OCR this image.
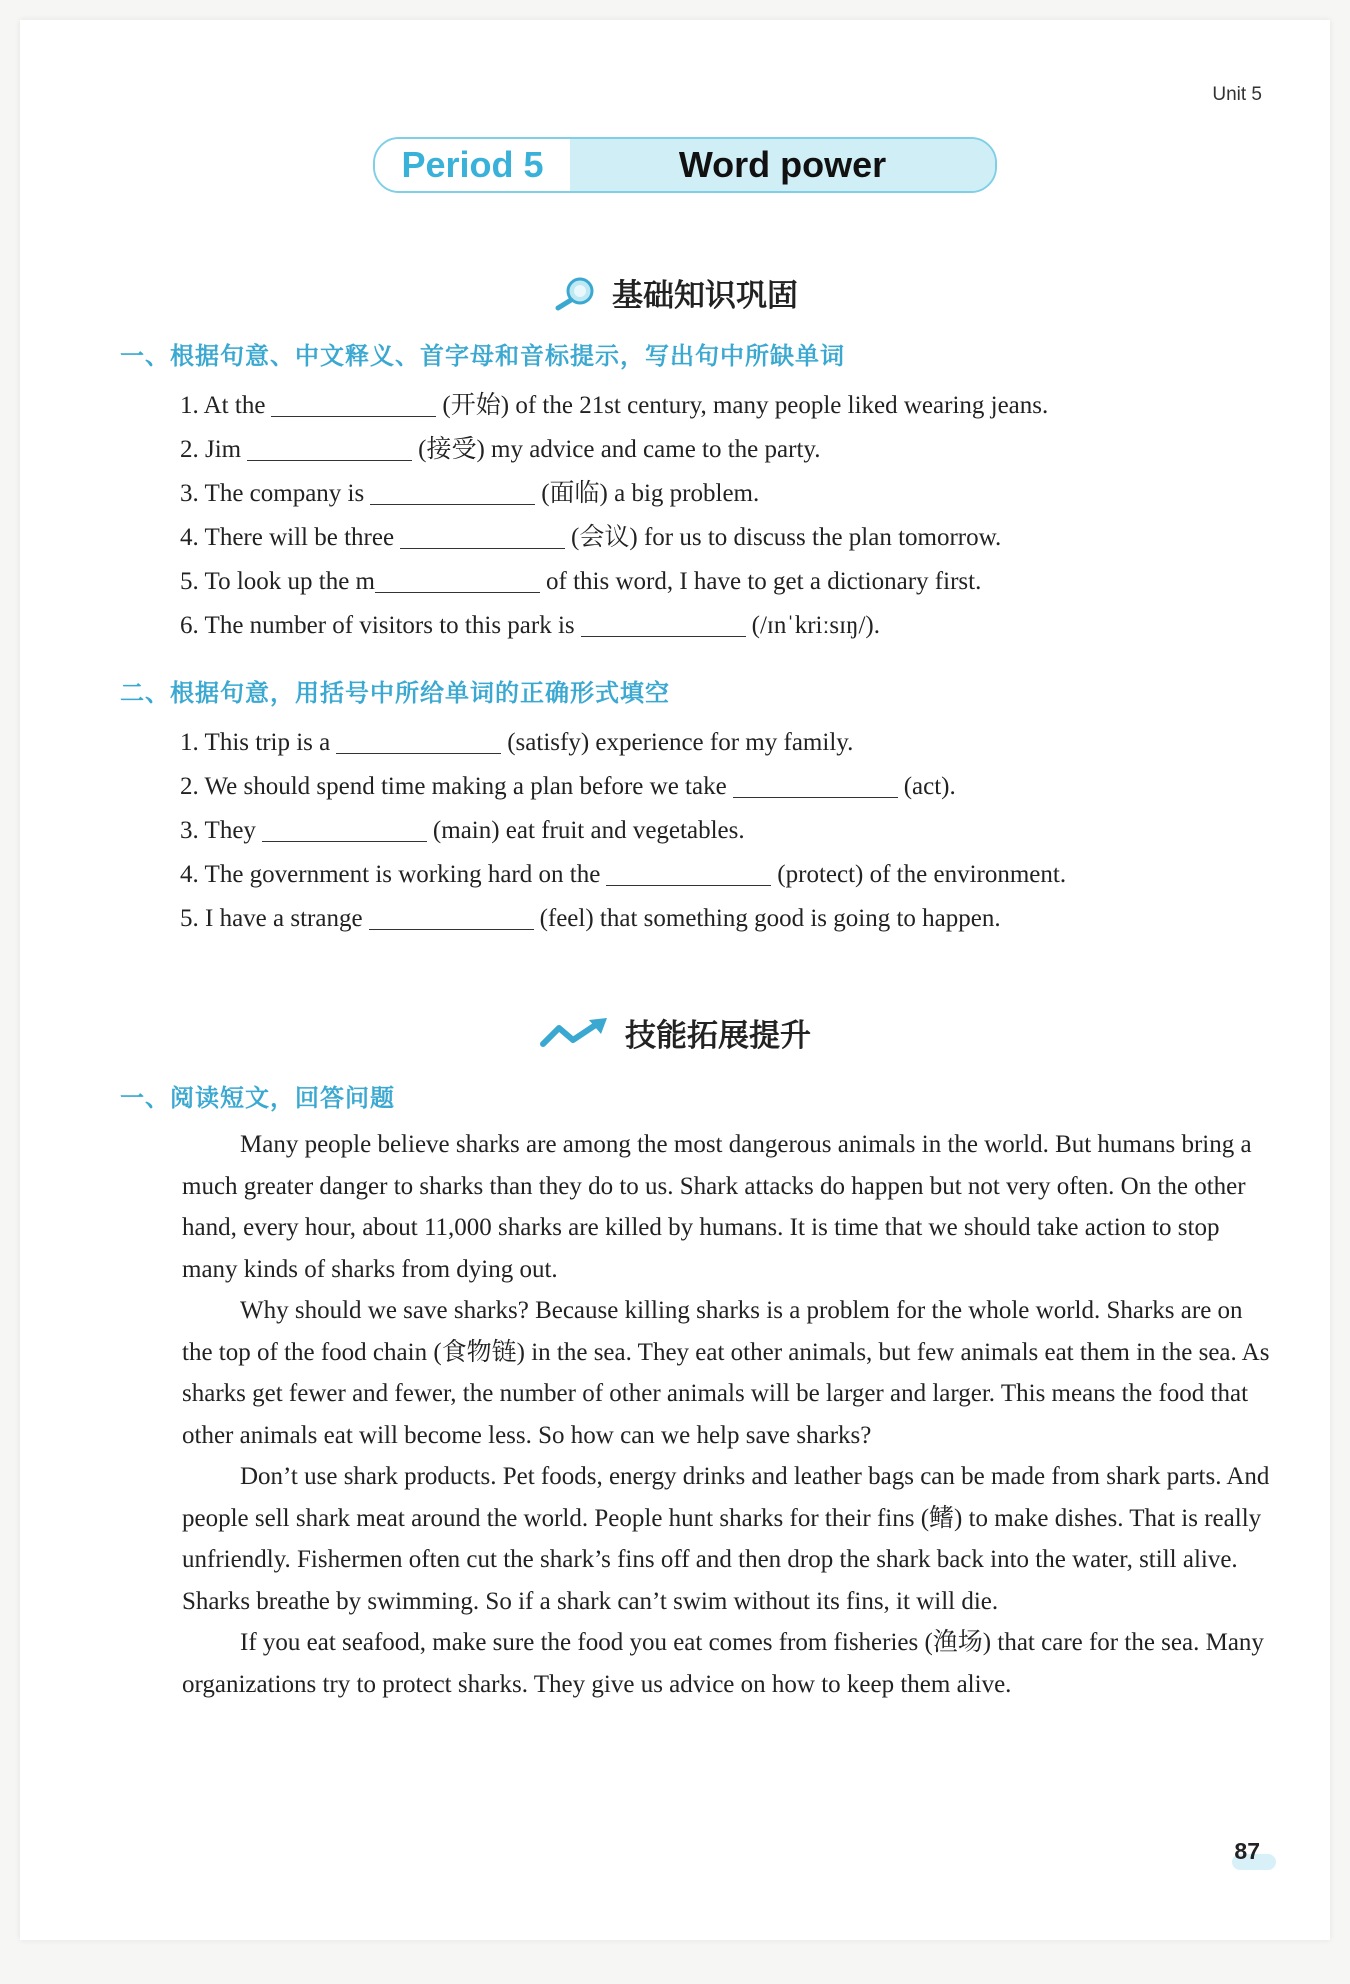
Unit 5
Period 5	Word power
基础知识巩固
一、根据句意、中文释义、首字母和音标提示，写出句中所缺单词
1. At the	(开始) of the 21st century, many people liked wearing jeans.
2. Jim	(接受) my advice and came to the party.
3. The company is	(面临) a big problem.
4. There will be three	(会议) for us to discuss the plan tomorrow.
5. To look up the m	of this word, I have to get a dictionary first.
6. The number of visitors to this park is	(/ɪnˈkriːsɪŋ/).
二、根据句意，用括号中所给单词的正确形式填空
1. This trip is a	(satisfy) experience for my family.
2. We should spend time making a plan before we take	(act).
3. They	(main) eat fruit and vegetables.
4. The government is working hard on the	(protect) of the environment.
5. I have a strange	(feel) that something good is going to happen.
技能拓展提升
一、阅读短文，回答问题

Many people believe sharks are among the most dangerous animals in the world. But humans bring a much greater danger to sharks than they do to us. Shark attacks do happen but not very often. On the other hand, every hour, about 11,000 sharks are killed by humans. It is time that we should take action to stop many kinds of sharks from dying out.

Why should we save sharks? Because killing sharks is a problem for the whole world. Sharks are on the top of the food chain (食物链) in the sea. They eat other animals, but few animals eat them in the sea. As sharks get fewer and fewer, the number of other animals will be larger and larger. This means the food that other animals eat will become less. So how can we help save sharks?

Don’t use shark products. Pet foods, energy drinks and leather bags can be made from shark parts. And people sell shark meat around the world. People hunt sharks for their fins (鳍) to make dishes. That is really unfriendly. Fishermen often cut the shark’s fins off and then drop the shark back into the water, still alive. Sharks breathe by swimming. So if a shark can’t swim without its fins, it will die.

If you eat seafood, make sure the food you eat comes from fisheries (渔场) that care for the sea. Many organizations try to protect sharks. They give us advice on how to keep them alive.

87
